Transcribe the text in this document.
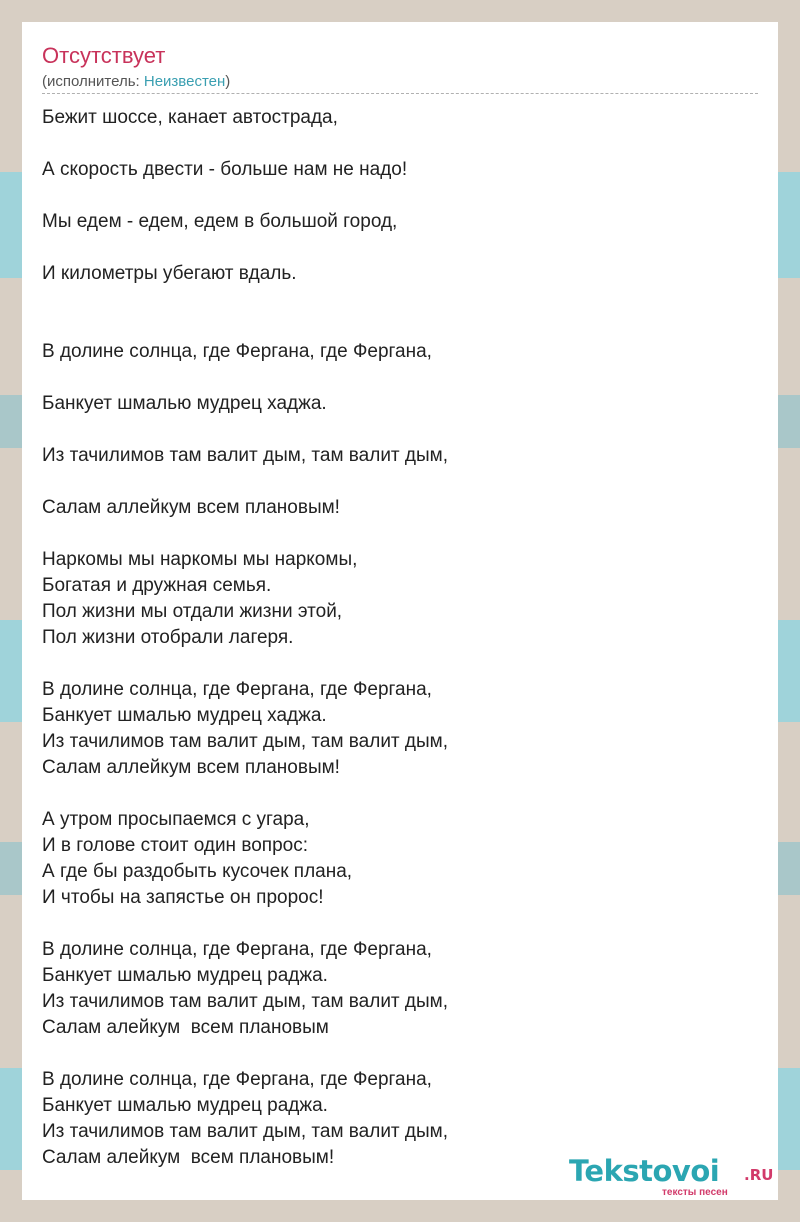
Отсутствует
(исполнитель: Неизвестен)
Бежит шоссе, канает автострада,
А скорость двести - больше нам не надо!
Мы едем - едем, едем в большой город,
И километры убегают вдаль.
В долине солнца, где Фергана, где Фергана,
Банкует шмалью мудрец хаджа.
Из тачилимов там валит дым, там валит дым,
Салам аллейкум всем плановым!
Наркомы мы наркомы мы наркомы,
Богатая и дружная семья.
Пол жизни мы отдали жизни этой,
Пол жизни отобрали лагеря.
В долине солнца, где Фергана, где Фергана,
Банкует шмалью мудрец хаджа.
Из тачилимов там валит дым, там валит дым,
Салам аллейкум всем плановым!
А утром просыпаемся с угара,
И в голове стоит один вопрос:
А где бы раздобыть кусочек плана,
И чтобы на запястье он пророс!
В долине солнца, где Фергана, где Фергана,
Банкует шмалью мудрец раджа.
Из тачилимов там валит дым, там валит дым,
Салам алейкум  всем плановым
В долине солнца, где Фергана, где Фергана,
Банкует шмалью мудрец раджа.
Из тачилимов там валит дым, там валит дым,
Салам алейкум  всем плановым!	Tekstovoi .RU
тексты песен
